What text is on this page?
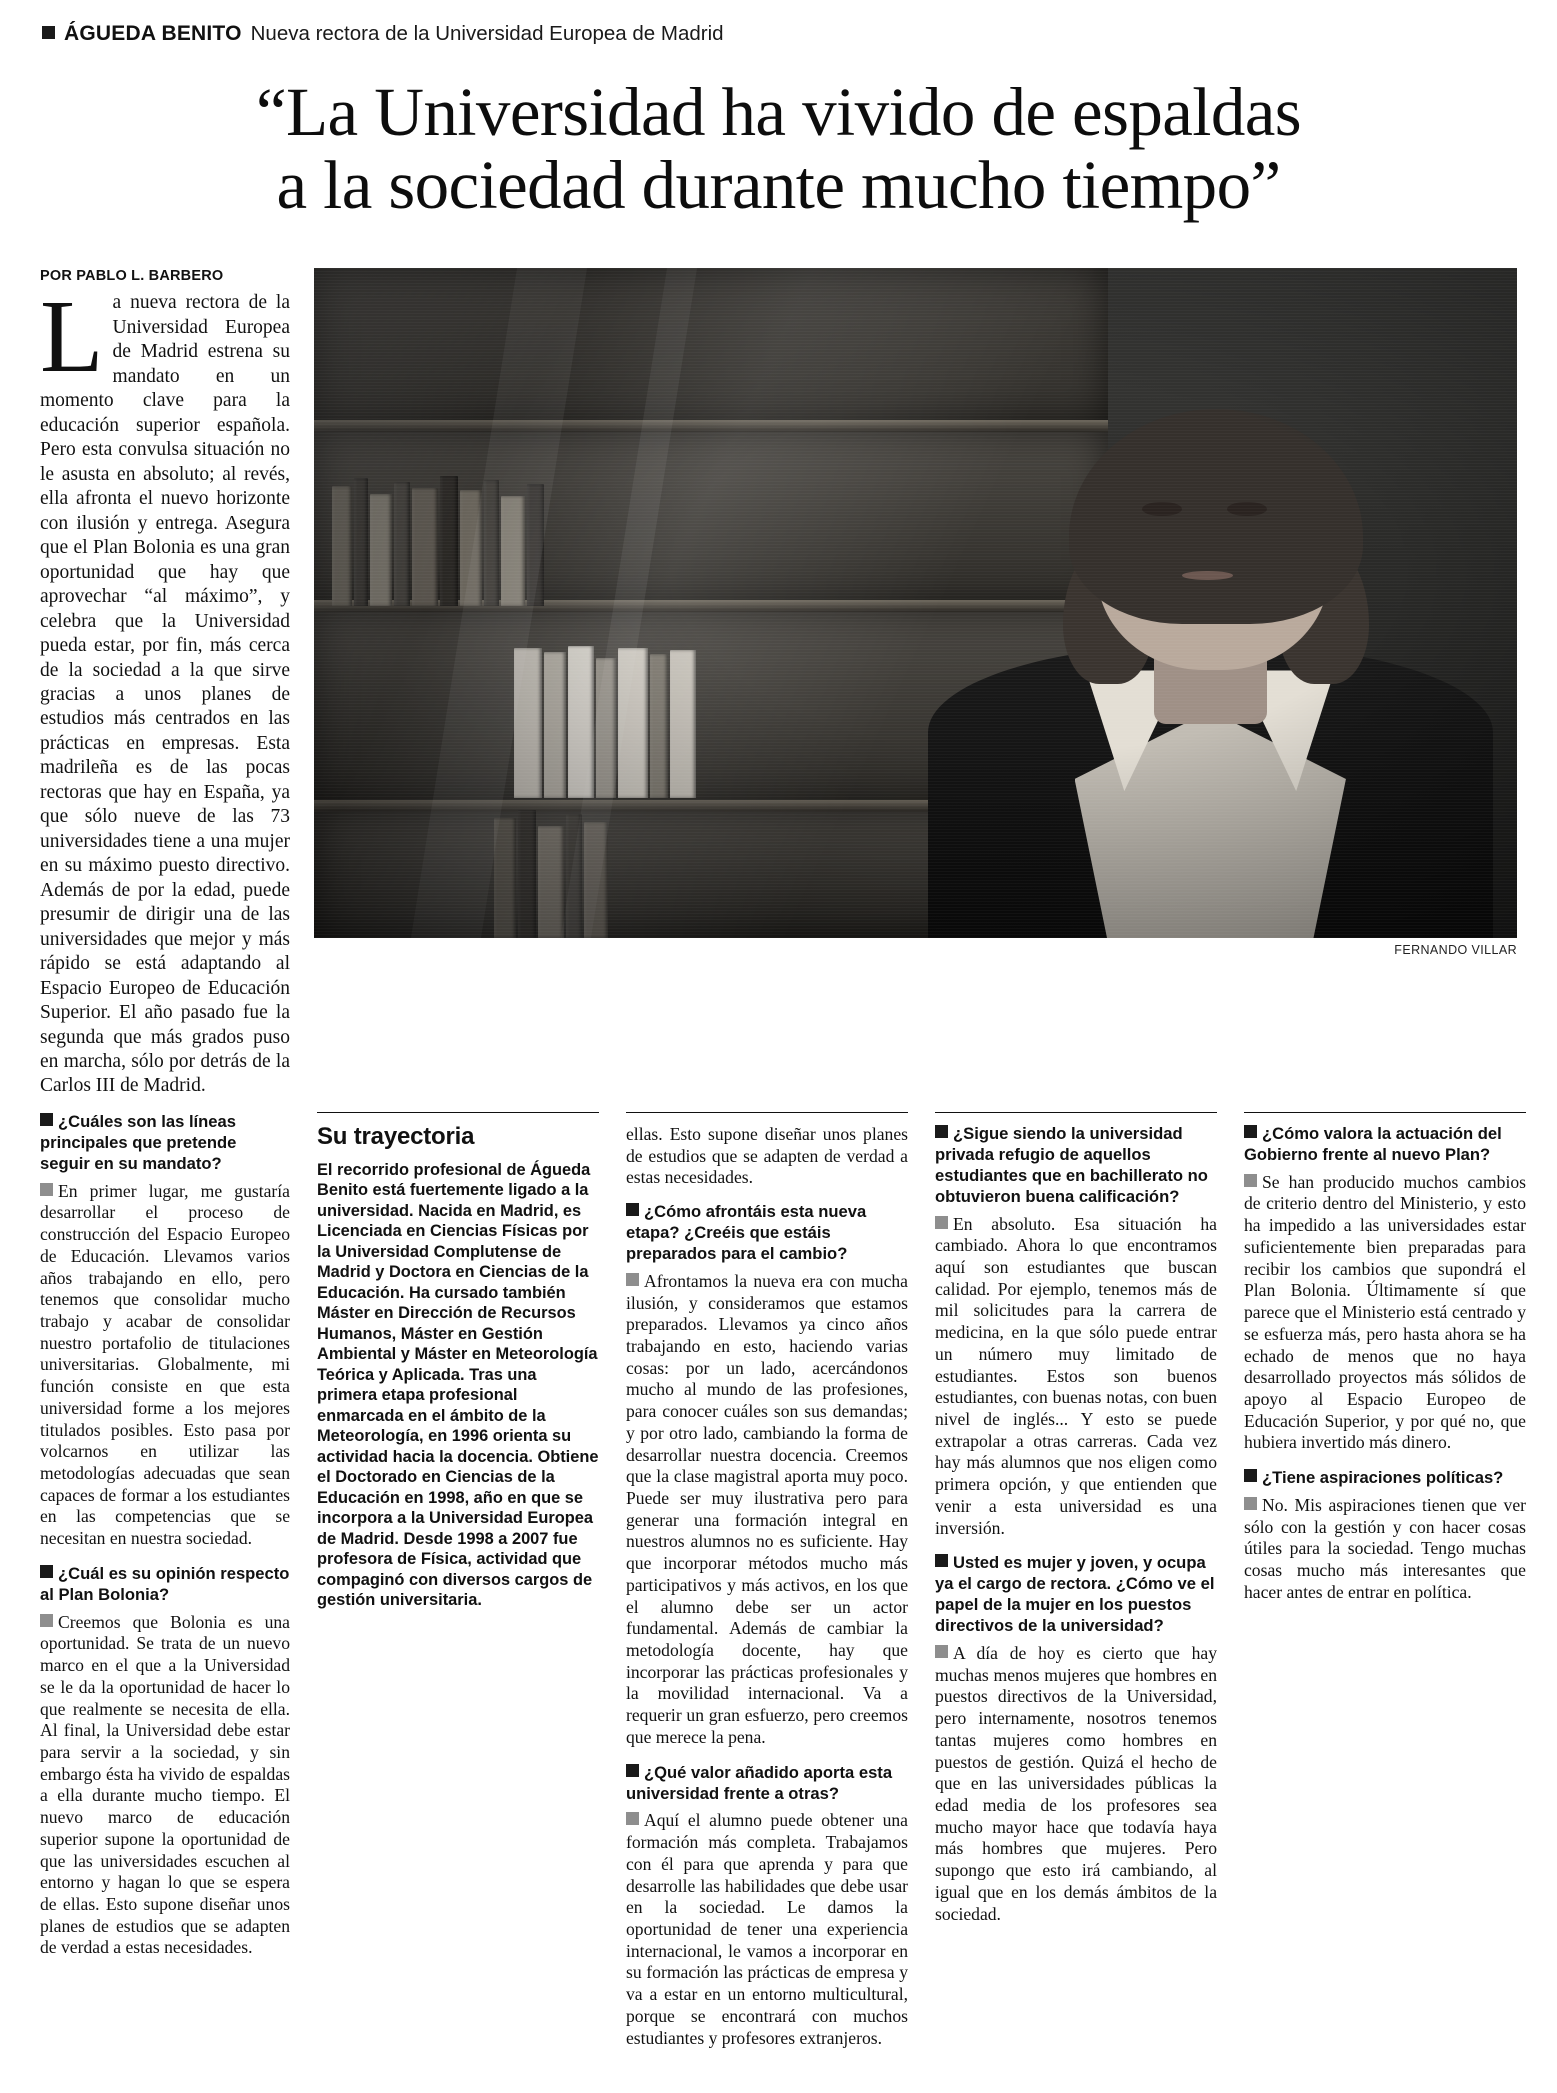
ÁGUEDA BENITO Nueva rectora de la Universidad Europea de Madrid
“La Universidad ha vivido de espaldas
a la sociedad durante mucho tiempo”
POR PABLO L. BARBERO
La nueva rectora de la Universidad Europea de Madrid estrena su mandato en un momento clave para la educación superior española. Pero esta convulsa situación no le asusta en absoluto; al revés, ella afronta el nuevo horizonte con ilusión y entrega. Asegura que el Plan Bolonia es una gran oportunidad que hay que aprovechar “al máximo”, y celebra que la Universidad pueda estar, por fin, más cerca de la sociedad a la que sirve gracias a unos planes de estudios más centrados en las prácticas en empresas. Esta madrileña es de las pocas rectoras que hay en España, ya que sólo nueve de las 73 universidades tiene a una mujer en su máximo puesto directivo. Además de por la edad, puede presumir de dirigir una de las universidades que mejor y más rápido se está adaptando al Espacio Europeo de Educación Superior. El año pasado fue la segunda que más grados puso en marcha, sólo por detrás de la Carlos III de Madrid.
FERNANDO VILLAR
¿Cuáles son las líneas principales que pretende seguir en su mandato?

En primer lugar, me gustaría desarrollar el proceso de construcción del Espacio Europeo de Educación. Llevamos varios años trabajando en ello, pero tenemos que consolidar mucho trabajo y acabar de consolidar nuestro portafolio de titulaciones universitarias. Globalmente, mi función consiste en que esta universidad forme a los mejores titulados posibles. Esto pasa por volcarnos en utilizar las metodologías adecuadas que sean capaces de formar a los estudiantes en las competencias que se necesitan en nuestra sociedad.

¿Cuál es su opinión respecto al Plan Bolonia?

Creemos que Bolonia es una oportunidad. Se trata de un nuevo marco en el que a la Universidad se le da la oportunidad de hacer lo que realmente se necesita de ella. Al final, la Universidad debe estar para servir a la sociedad, y sin embargo ésta ha vivido de espaldas a ella durante mucho tiempo. El nuevo marco de educación superior supone la oportunidad de que las universidades escuchen al entorno y hagan lo que se espera de ellas. Esto supone diseñar unos planes de estudios que se adapten de verdad a estas necesidades.

Su trayectoria

El recorrido profesional de Águeda Benito está fuertemente ligado a la universidad. Nacida en Madrid, es Licenciada en Ciencias Físicas por la Universidad Complutense de Madrid y Doctora en Ciencias de la Educación. Ha cursado también Máster en Dirección de Recursos Humanos, Máster en Gestión Ambiental y Máster en Meteorología Teórica y Aplicada. Tras una primera etapa profesional enmarcada en el ámbito de la Meteorología, en 1996 orienta su actividad hacia la docencia. Obtiene el Doctorado en Ciencias de la Educación en 1998, año en que se incorpora a la Universidad Europea de Madrid. Desde 1998 a 2007 fue profesora de Física, actividad que compaginó con diversos cargos de gestión universitaria.

ellas. Esto supone diseñar unos planes de estudios que se adapten de verdad a estas necesidades.

¿Cómo afrontáis esta nueva etapa? ¿Creéis que estáis preparados para el cambio?

Afrontamos la nueva era con mucha ilusión, y consideramos que estamos preparados. Llevamos ya cinco años trabajando en esto, haciendo varias cosas: por un lado, acercándonos mucho al mundo de las profesiones, para conocer cuáles son sus demandas; y por otro lado, cambiando la forma de desarrollar nuestra docencia. Creemos que la clase magistral aporta muy poco. Puede ser muy ilustrativa pero para generar una formación integral en nuestros alumnos no es suficiente. Hay que incorporar métodos mucho más participativos y más activos, en los que el alumno debe ser un actor fundamental. Además de cambiar la metodología docente, hay que incorporar las prácticas profesionales y la movilidad internacional. Va a requerir un gran esfuerzo, pero creemos que merece la pena.

¿Qué valor añadido aporta esta universidad frente a otras?

Aquí el alumno puede obtener una formación más completa. Trabajamos con él para que aprenda y para que desarrolle las habilidades que debe usar en la sociedad. Le damos la oportunidad de tener una experiencia internacional, le vamos a incorporar en su formación las prácticas de empresa y va a estar en un entorno multicultural, porque se encontrará con muchos estudiantes y profesores extranjeros.

¿Sigue siendo la universidad privada refugio de aquellos estudiantes que en bachillerato no obtuvieron buena calificación?

En absoluto. Esa situación ha cambiado. Ahora lo que encontramos aquí son estudiantes que buscan calidad. Por ejemplo, tenemos más de mil solicitudes para la carrera de medicina, en la que sólo puede entrar un número muy limitado de estudiantes. Estos son buenos estudiantes, con buenas notas, con buen nivel de inglés... Y esto se puede extrapolar a otras carreras. Cada vez hay más alumnos que nos eligen como primera opción, y que entienden que venir a esta universidad es una inversión.

Usted es mujer y joven, y ocupa ya el cargo de rectora. ¿Cómo ve el papel de la mujer en los puestos directivos de la universidad?

A día de hoy es cierto que hay muchas menos mujeres que hombres en puestos directivos de la Universidad, pero internamente, nosotros tenemos tantas mujeres como hombres en puestos de gestión. Quizá el hecho de que en las universidades públicas la edad media de los profesores sea mucho mayor hace que todavía haya más hombres que mujeres. Pero supongo que esto irá cambiando, al igual que en los demás ámbitos de la sociedad.

¿Cómo valora la actuación del Gobierno frente al nuevo Plan?

Se han producido muchos cambios de criterio dentro del Ministerio, y esto ha impedido a las universidades estar suficientemente bien preparadas para recibir los cambios que supondrá el Plan Bolonia. Últimamente sí que parece que el Ministerio está centrado y se esfuerza más, pero hasta ahora se ha echado de menos que no haya desarrollado proyectos más sólidos de apoyo al Espacio Europeo de Educación Superior, y por qué no, que hubiera invertido más dinero.

¿Tiene aspiraciones políticas?

No. Mis aspiraciones tienen que ver sólo con la gestión y con hacer cosas útiles para la sociedad. Tengo muchas cosas mucho más interesantes que hacer antes de entrar en política.
